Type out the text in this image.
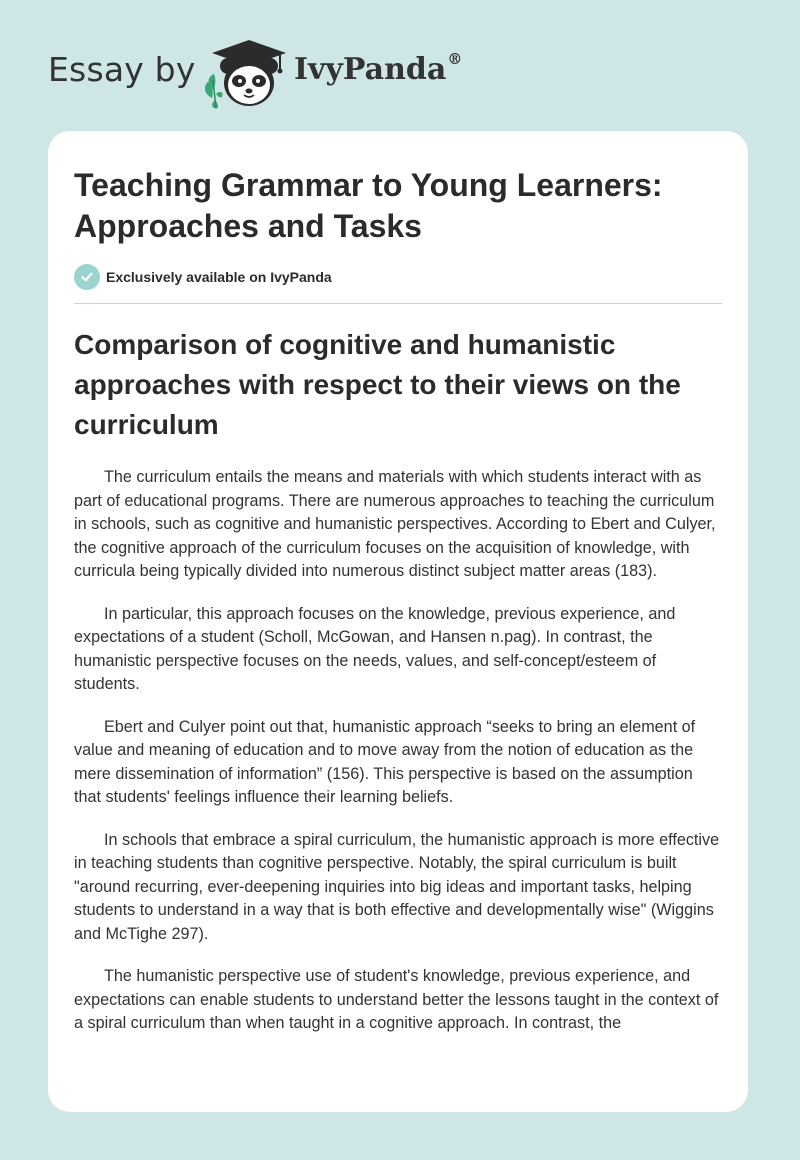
Essay by	IvyPanda®
Teaching Grammar to Young Learners: Approaches and Tasks
Exclusively available on IvyPanda
Comparison of cognitive and humanistic approaches with respect to their views on the curriculum

The curriculum entails the means and materials with which students interact with as part of educational programs. There are numerous approaches to teaching the curriculum in schools, such as cognitive and humanistic perspectives. According to Ebert and Culyer, the cognitive approach of the curriculum focuses on the acquisition of knowledge, with curricula being typically divided into numerous distinct subject matter areas (183).

In particular, this approach focuses on the knowledge, previous experience, and expectations of a student (Scholl, McGowan, and Hansen n.pag). In contrast, the humanistic perspective focuses on the needs, values, and self-concept/esteem of students.

Ebert and Culyer point out that, humanistic approach “seeks to bring an element of value and meaning of education and to move away from the notion of education as the mere dissemination of information” (156). This perspective is based on the assumption that students' feelings influence their learning beliefs.

In schools that embrace a spiral curriculum, the humanistic approach is more effective in teaching students than cognitive perspective. Notably, the spiral curriculum is built "around recurring, ever-deepening inquiries into big ideas and important tasks, helping students to understand in a way that is both effective and developmentally wise" (Wiggins and McTighe 297).

The humanistic perspective use of student's knowledge, previous experience, and expectations can enable students to understand better the lessons taught in the context of a spiral curriculum than when taught in a cognitive approach. In contrast, the
